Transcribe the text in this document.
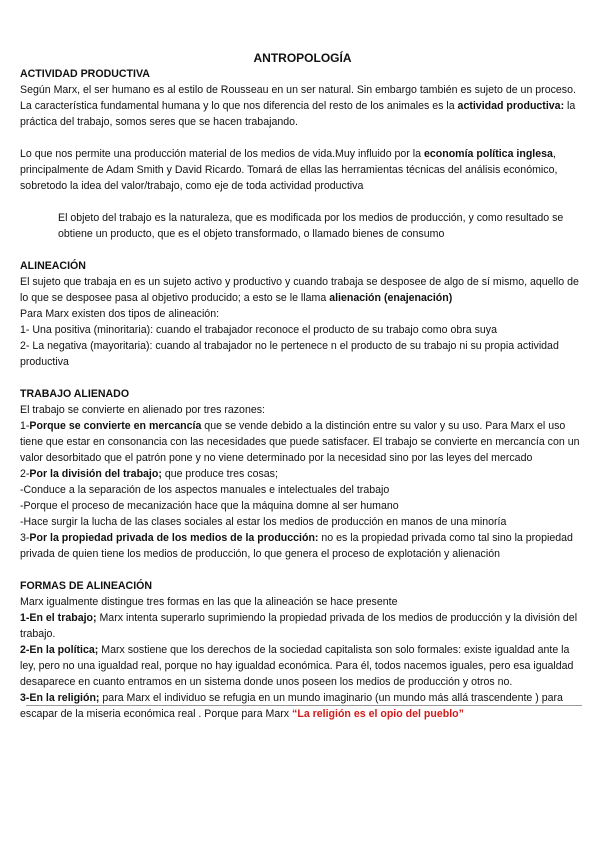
ANTROPOLOGÍA

ACTIVIDAD PRODUCTIVA

Según Marx, el ser humano es al estilo de Rousseau en un ser natural. Sin embargo también es sujeto de un proceso. La característica fundamental humana y lo que nos diferencia del resto de los animales es la actividad productiva: la práctica del trabajo, somos seres que se hacen trabajando.

Lo que nos permite una producción material de los medios de vida.Muy influido por la economía política inglesa, principalmente de Adam Smith y David Ricardo. Tomará de ellas las herramientas técnicas del análisis económico, sobretodo la idea del valor/trabajo, como eje de toda actividad productiva

El objeto del trabajo es la naturaleza, que es modificada por los medios de producción, y como resultado se obtiene un producto, que es el objeto transformado, o llamado bienes de consumo

ALINEACIÓN

El sujeto que trabaja en es un sujeto activo y productivo y cuando trabaja se desposee de algo de sí mismo, aquello de lo que se desposee pasa al objetivo producido; a esto se le llama alienación (enajenación)

Para Marx existen dos tipos de alineación:

1- Una positiva (minoritaria): cuando el trabajador reconoce el producto de su trabajo como obra suya

2- La negativa (mayoritaria): cuando al trabajador no le pertenece n el producto de su trabajo ni su propia actividad productiva

TRABAJO ALIENADO

El trabajo se convierte en alienado por tres razones:

1-Porque se convierte en mercancía que se vende debido a la distinción entre su valor y su uso. Para Marx el uso tiene que estar en consonancia con las necesidades que puede satisfacer. El trabajo se convierte en mercancía con un valor desorbitado que el patrón pone y no viene determinado por la necesidad sino por las leyes del mercado

2-Por la división del trabajo; que produce tres cosas;

-Conduce a la separación de los aspectos manuales e intelectuales del trabajo

-Porque el proceso de mecanización hace que la máquina domne al ser humano

-Hace surgir la lucha de las clases sociales al estar los medios de producción en manos de una minoría

3-Por la propiedad privada de los medios de la producción: no es la propiedad privada como tal sino la propiedad privada de quien tiene los medios de producción, lo que genera el proceso de explotación y alienación

FORMAS DE ALINEACIÓN

Marx igualmente distingue tres formas en las que la alineación se hace presente

1-En el trabajo; Marx intenta superarlo suprimiendo la propiedad privada de los medios de producción y la división del trabajo.

2-En la política; Marx sostiene que los derechos de la sociedad capitalista son solo formales: existe igualdad ante la ley, pero no una igualdad real, porque no hay igualdad económica. Para él, todos nacemos iguales, pero esa igualdad desaparece en cuanto entramos en un sistema donde unos poseen los medios de producción y otros no.

3-En la religión; para Marx el individuo se refugia en un mundo imaginario (un mundo más allá trascendente ) para escapar de la miseria económica real . Porque para Marx “La religión es el opio del pueblo”
